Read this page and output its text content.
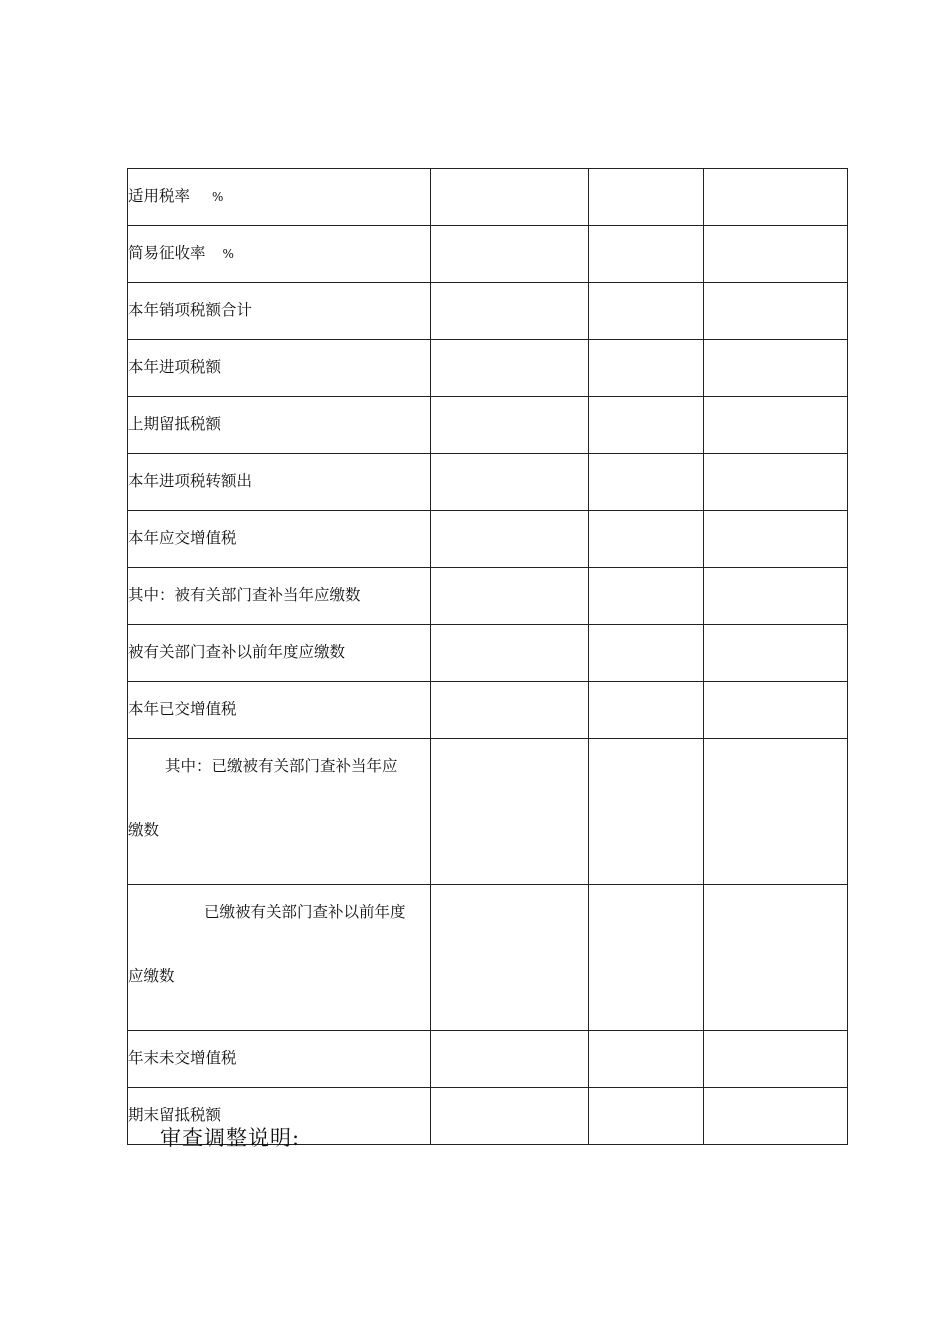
适用税率 %			
简易征收率 %			
本年销项税额合计			
本年进项税额			
上期留抵税额			
本年进项税转额出			
本年应交增值税			
其中：被有关部门查补当年应缴数			
被有关部门查补以前年度应缴数			
本年已交增值税			

其中：已缴被有关部门查补当年应
缴数			

已缴被有关部门查补以前年度
应缴数			

年末未交增值税			
期末留抵税额			
审查调整说明:
